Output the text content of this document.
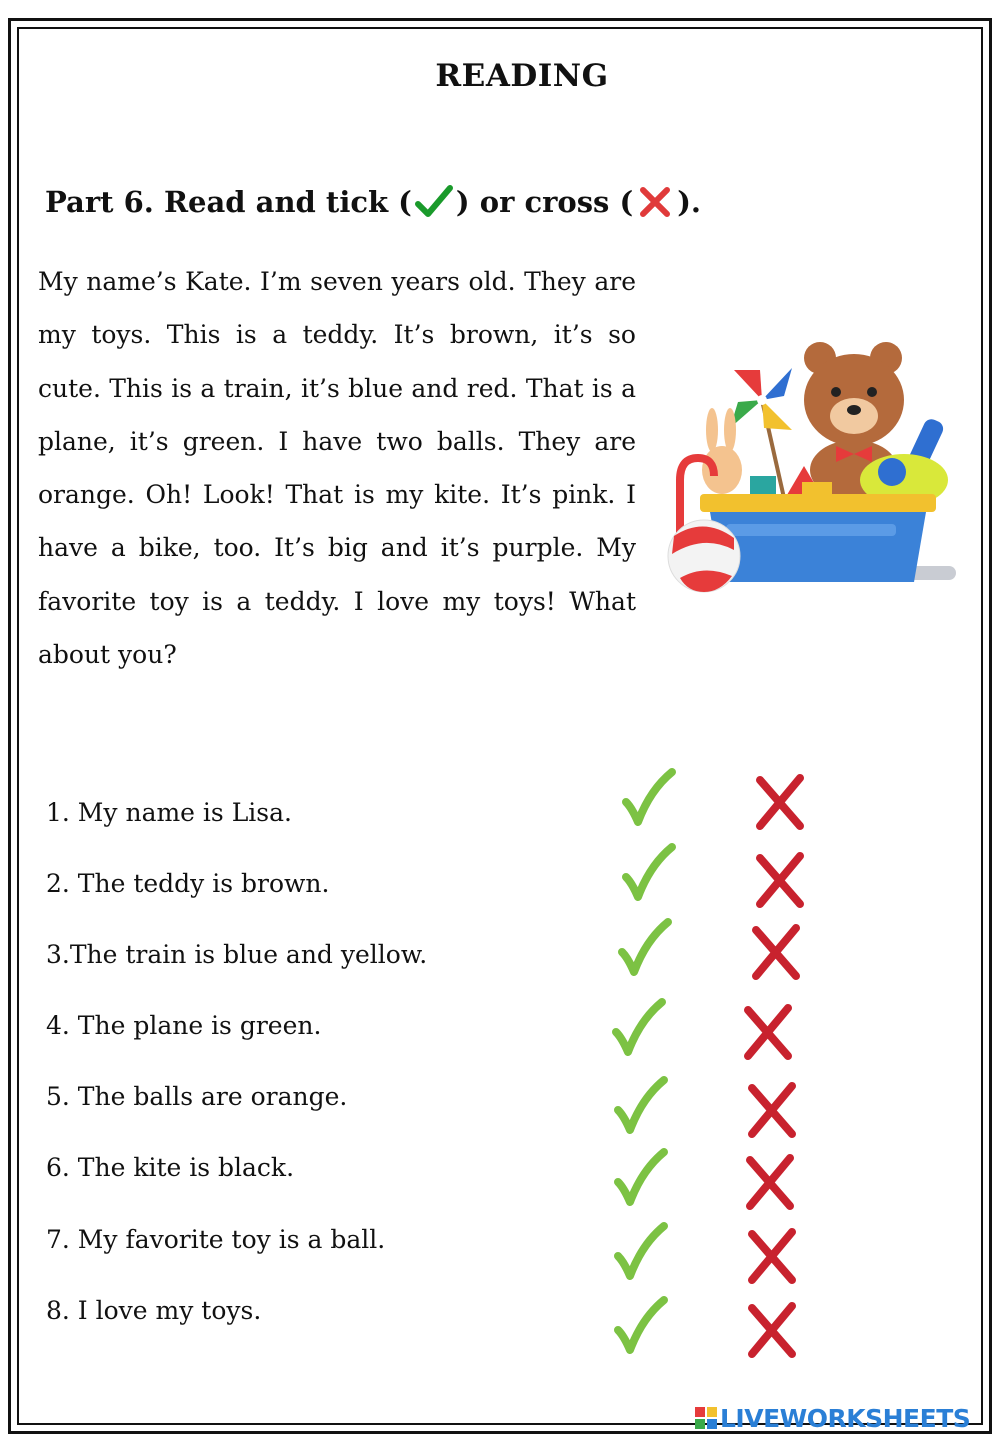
READING
Part 6. Read and tick ( ) or cross ( ).
My name’s Kate. I’m seven years old. They are my toys. This is a teddy. It’s brown, it’s so cute. This is a train, it’s blue and red. That is a plane, it’s green. I have two balls. They are orange. Oh! Look! That is my kite. It’s pink. I have a bike, too. It’s big and it’s purple. My favorite toy is a teddy. I love my toys! What about you?
1. My name is Lisa.
2. The teddy is brown.
3.The train is blue and yellow.
4. The plane is green.
5. The balls are orange.
6. The kite is black.
7. My favorite toy is a ball.
8. I love my toys.
LIVEWORKSHEETS
